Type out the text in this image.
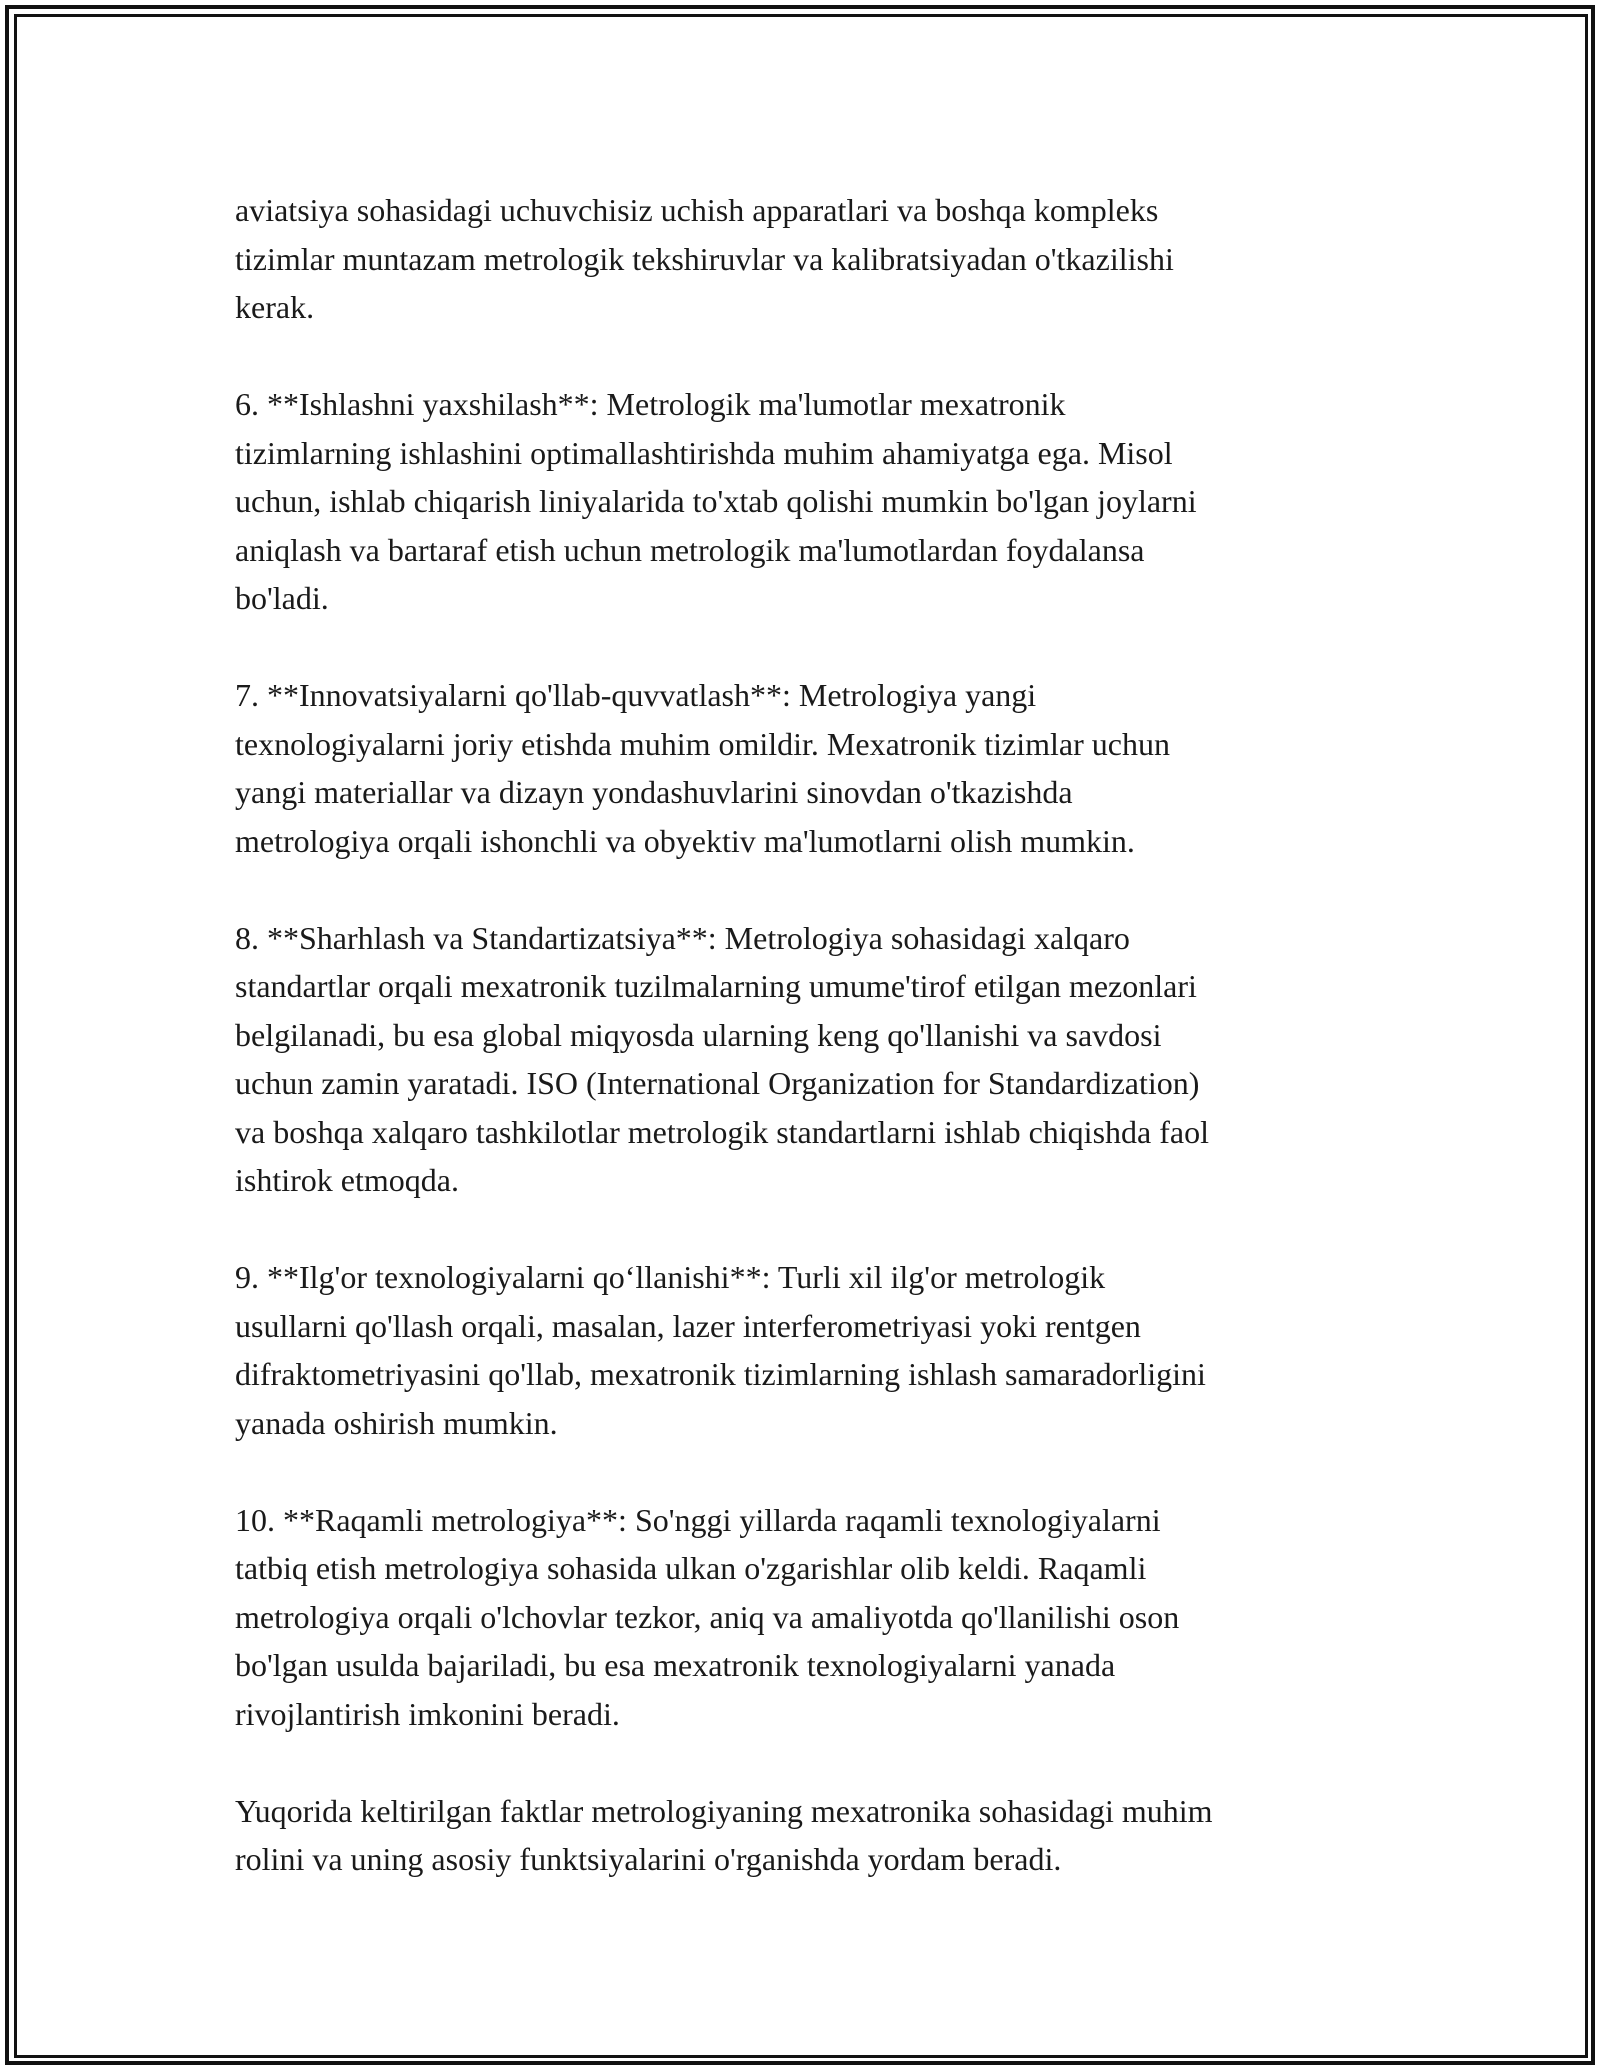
aviatsiya sohasidagi uchuvchisiz uchish apparatlari va boshqa kompleks
tizimlar muntazam metrologik tekshiruvlar va kalibratsiyadan o'tkazilishi
kerak.

6. **Ishlashni yaxshilash**: Metrologik ma'lumotlar mexatronik
tizimlarning ishlashini optimallashtirishda muhim ahamiyatga ega. Misol
uchun, ishlab chiqarish liniyalarida to'xtab qolishi mumkin bo'lgan joylarni
aniqlash va bartaraf etish uchun metrologik ma'lumotlardan foydalansa
bo'ladi.

7. **Innovatsiyalarni qo'llab-quvvatlash**: Metrologiya yangi
texnologiyalarni joriy etishda muhim omildir. Mexatronik tizimlar uchun
yangi materiallar va dizayn yondashuvlarini sinovdan o'tkazishda
metrologiya orqali ishonchli va obyektiv ma'lumotlarni olish mumkin.

8. **Sharhlash va Standartizatsiya**: Metrologiya sohasidagi xalqaro
standartlar orqali mexatronik tuzilmalarning umume'tirof etilgan mezonlari
belgilanadi, bu esa global miqyosda ularning keng qo'llanishi va savdosi
uchun zamin yaratadi. ISO (International Organization for Standardization)
va boshqa xalqaro tashkilotlar metrologik standartlarni ishlab chiqishda faol
ishtirok etmoqda.

9. **Ilg'or texnologiyalarni qo‘llanishi**: Turli xil ilg'or metrologik
usullarni qo'llash orqali, masalan, lazer interferometriyasi yoki rentgen
difraktometriyasini qo'llab, mexatronik tizimlarning ishlash samaradorligini
yanada oshirish mumkin.

10. **Raqamli metrologiya**: So'nggi yillarda raqamli texnologiyalarni
tatbiq etish metrologiya sohasida ulkan o'zgarishlar olib keldi. Raqamli
metrologiya orqali o'lchovlar tezkor, aniq va amaliyotda qo'llanilishi oson
bo'lgan usulda bajariladi, bu esa mexatronik texnologiyalarni yanada
rivojlantirish imkonini beradi.

Yuqorida keltirilgan faktlar metrologiyaning mexatronika sohasidagi muhim
rolini va uning asosiy funktsiyalarini o'rganishda yordam beradi.
